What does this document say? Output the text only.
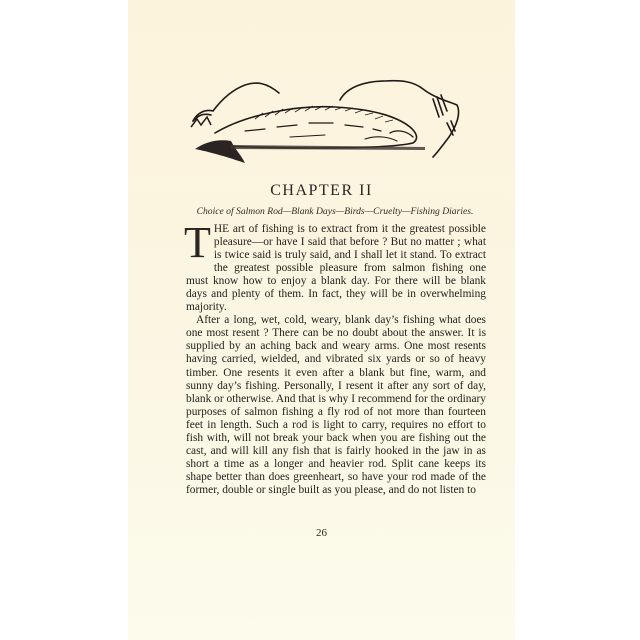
CHAPTER II
Choice of Salmon Rod—Blank Days—Birds—Cruelty—Fishing Diaries.

THE art of fishing is to extract from it the greatest possible pleasure—or have I said that before ? But no matter ; what is twice said is truly said, and I shall let it stand. To extract the greatest possible pleasure from salmon fishing one must know how to enjoy a blank day. For there will be blank days and plenty of them. In fact, they will be in overwhelming majority.

After a long, wet, cold, weary, blank day’s fishing what does one most resent ? There can be no doubt about the answer. It is supplied by an aching back and weary arms. One most resents having carried, wielded, and vibrated six yards or so of heavy timber. One resents it even after a blank but fine, warm, and sunny day’s fishing. Personally, I resent it after any sort of day, blank or otherwise. And that is why I recommend for the ordinary purposes of salmon fishing a fly rod of not more than fourteen feet in length. Such a rod is light to carry, requires no effort to fish with, will not break your back when you are fishing out the cast, and will kill any fish that is fairly hooked in the jaw in as short a time as a longer and heavier rod. Split cane keeps its shape better than does greenheart, so have your rod made of the former, double or single built as you please, and do not listen to

26
